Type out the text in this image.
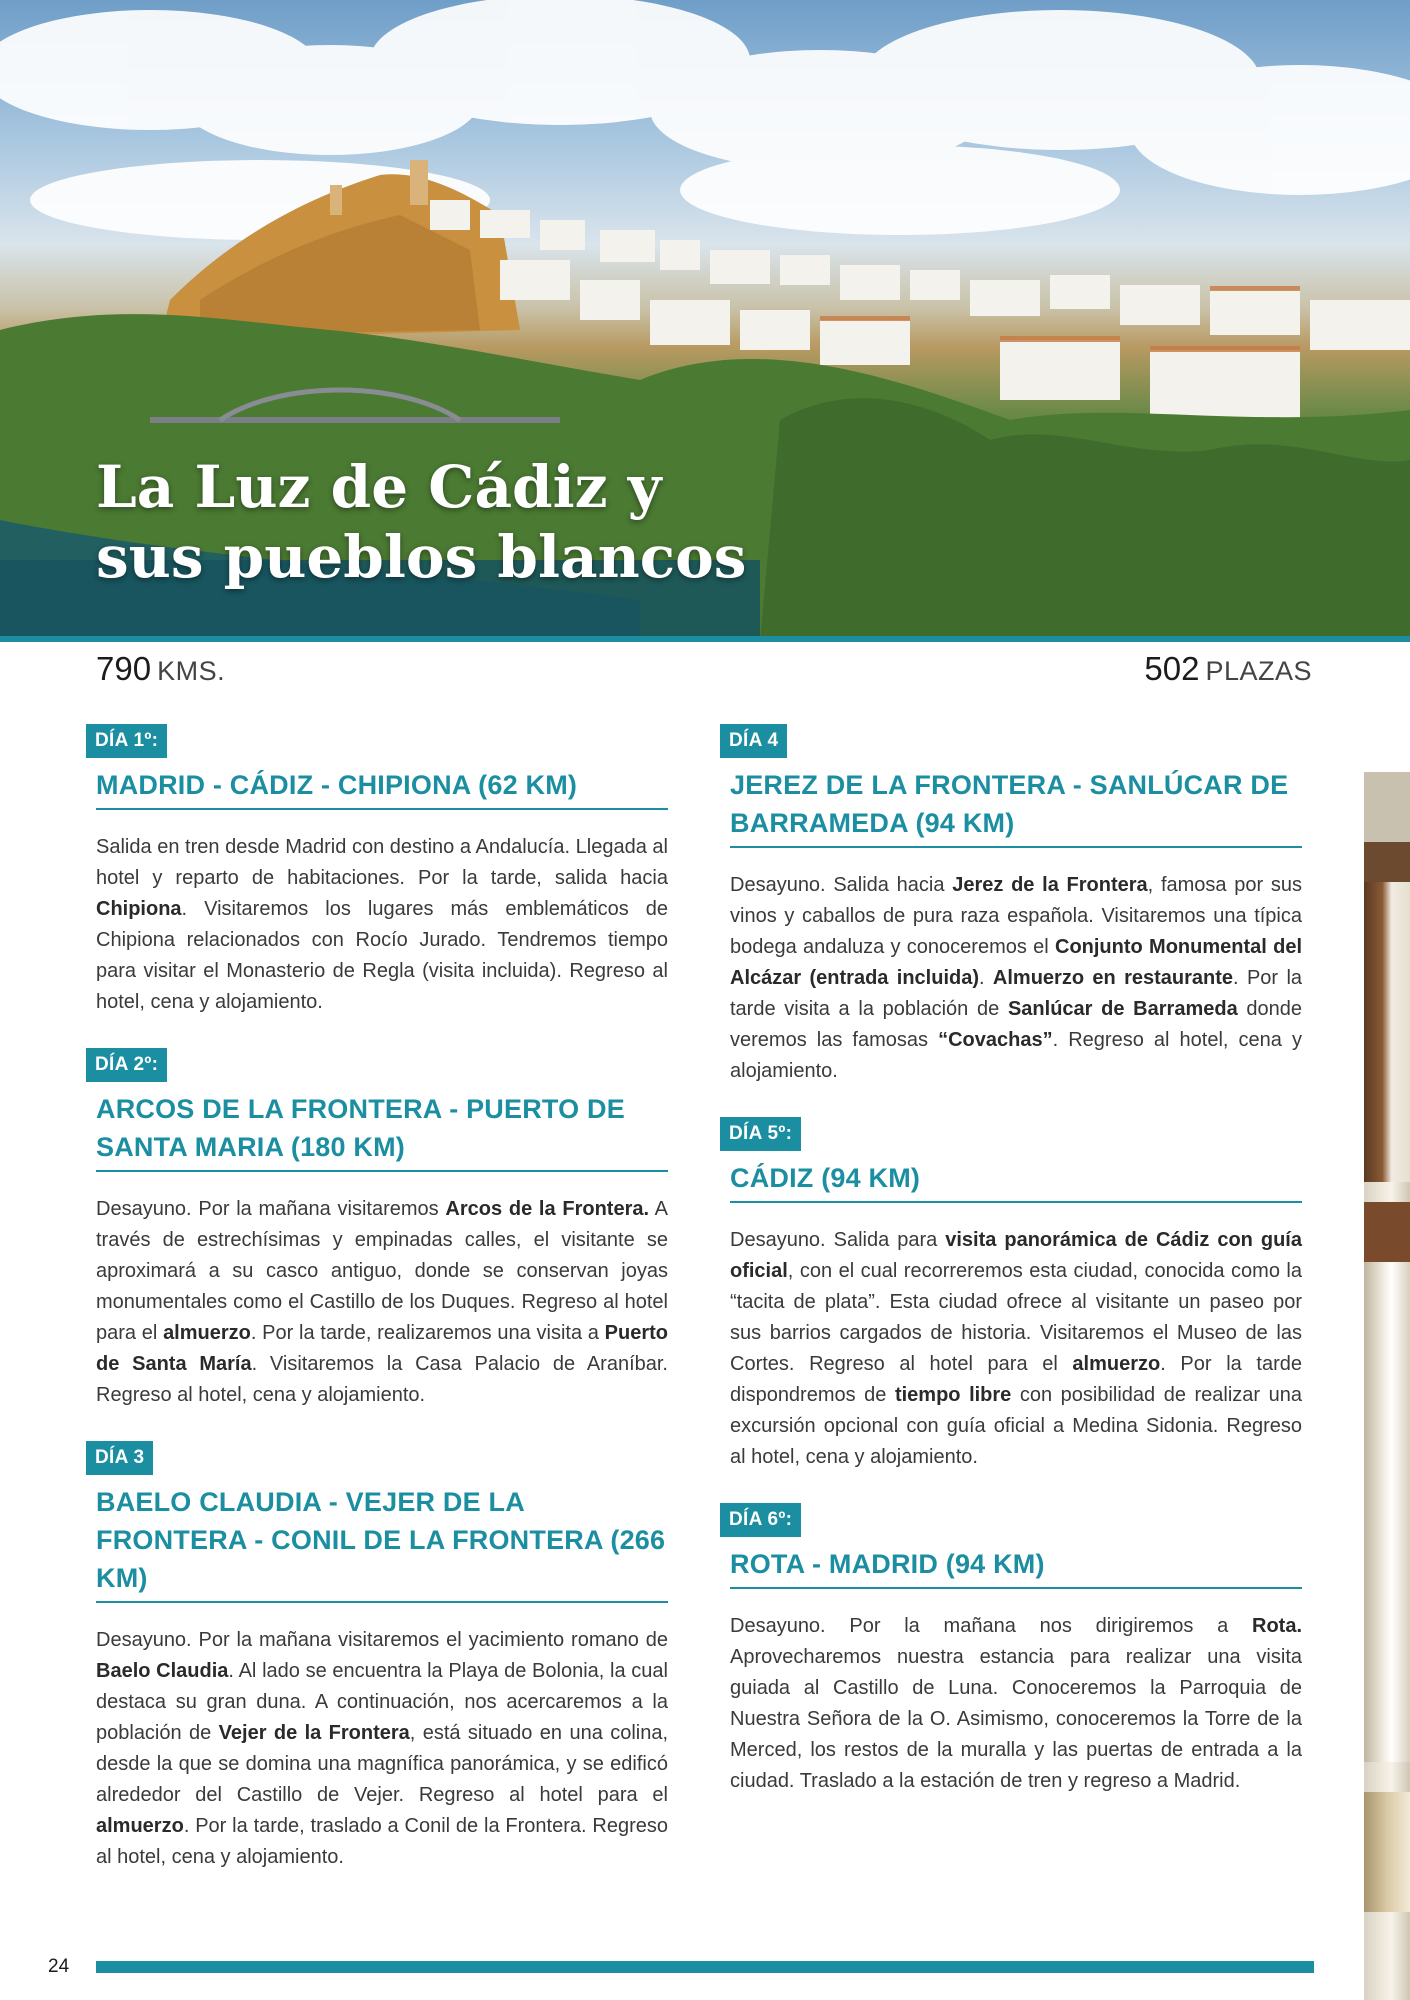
La Luz de Cádiz y
sus pueblos blancos
790 KMS.	502 PLAZAS
DÍA 1º:
MADRID - CÁDIZ - CHIPIONA (62 KM)
Salida en tren desde Madrid con destino a Andalucía. Llegada al hotel y reparto de habitaciones. Por la tarde, salida hacia Chipiona. Visitaremos los lugares más emblemáticos de Chipiona relacionados con Rocío Jurado. Tendremos tiempo para visitar el Monasterio de Regla (visita incluida). Regreso al hotel, cena y alojamiento.
DÍA 2º:
ARCOS DE LA FRONTERA - PUERTO DE SANTA MARIA (180 KM)
Desayuno. Por la mañana visitaremos Arcos de la Frontera. A través de estrechísimas y empinadas calles, el visitante se aproximará a su casco antiguo, donde se conservan joyas monumentales como el Castillo de los Duques. Regreso al hotel para el almuerzo. Por la tarde, realizaremos una visita a Puerto de Santa María. Visitaremos la Casa Palacio de Araníbar. Regreso al hotel, cena y alojamiento.
DÍA 3
BAELO CLAUDIA - VEJER DE LA FRONTERA - CONIL DE LA FRONTERA (266 KM)
Desayuno. Por la mañana visitaremos el yacimiento romano de Baelo Claudia. Al lado se encuentra la Playa de Bolonia, la cual destaca su gran duna. A continuación, nos acercaremos a la población de Vejer de la Frontera, está situado en una colina, desde la que se domina una magnífica panorámica, y se edificó alrededor del Castillo de Vejer. Regreso al hotel para el almuerzo. Por la tarde, traslado a Conil de la Frontera. Regreso al hotel, cena y alojamiento.
DÍA 4
JEREZ DE LA FRONTERA - SANLÚCAR DE BARRAMEDA (94 KM)
Desayuno. Salida hacia Jerez de la Frontera, famosa por sus vinos y caballos de pura raza española. Visitaremos una típica bodega andaluza y conoceremos el Conjunto Monumental del Alcázar (entrada incluida). Almuerzo en restaurante. Por la tarde visita a la población de Sanlúcar de Barrameda donde veremos las famosas “Covachas”. Regreso al hotel, cena y alojamiento.
DÍA 5º:
CÁDIZ (94 KM)
Desayuno. Salida para visita panorámica de Cádiz con guía oficial, con el cual recorreremos esta ciudad, conocida como la “tacita de plata”. Esta ciudad ofrece al visitante un paseo por sus barrios cargados de historia. Visitaremos el Museo de las Cortes. Regreso al hotel para el almuerzo. Por la tarde dispondremos de tiempo libre con posibilidad de realizar una excursión opcional con guía oficial a Medina Sidonia. Regreso al hotel, cena y alojamiento.
DÍA 6º:
ROTA - MADRID (94 KM)
Desayuno. Por la mañana nos dirigiremos a Rota. Aprovecharemos nuestra estancia para realizar una visita guiada al Castillo de Luna. Conoceremos la Parroquia de Nuestra Señora de la O. Asimismo, conoceremos la Torre de la Merced, los restos de la muralla y las puertas de entrada a la ciudad. Traslado a la estación de tren y regreso a Madrid.
24
